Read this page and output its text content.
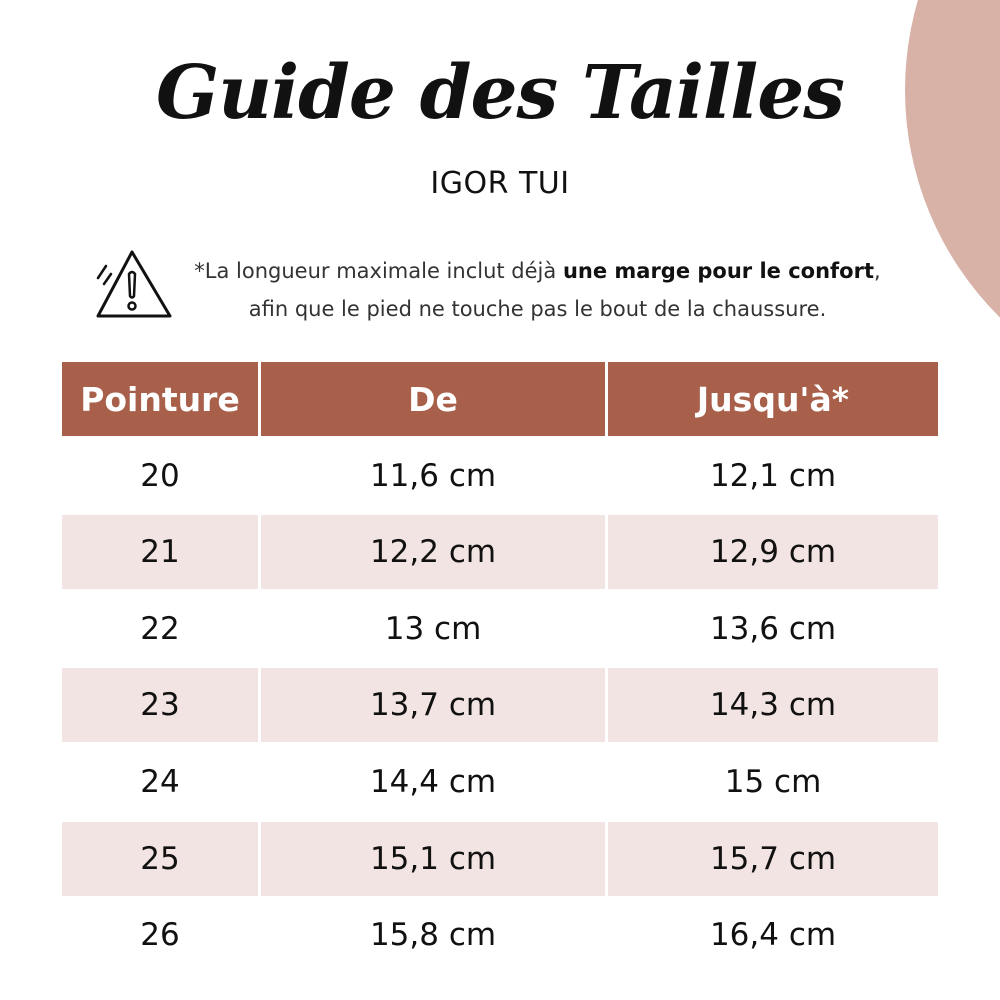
Guide des Tailles
IGOR TUI
*La longueur maximale inclut déjà une marge pour le confort,
afin que le pied ne touche pas le bout de la chaussure.
Pointure	De	Jusqu'à*
20	11,6 cm	12,1 cm
21	12,2 cm	12,9 cm
22	13 cm	13,6 cm
23	13,7 cm	14,3 cm
24	14,4 cm	15 cm
25	15,1 cm	15,7 cm
26	15,8 cm	16,4 cm
